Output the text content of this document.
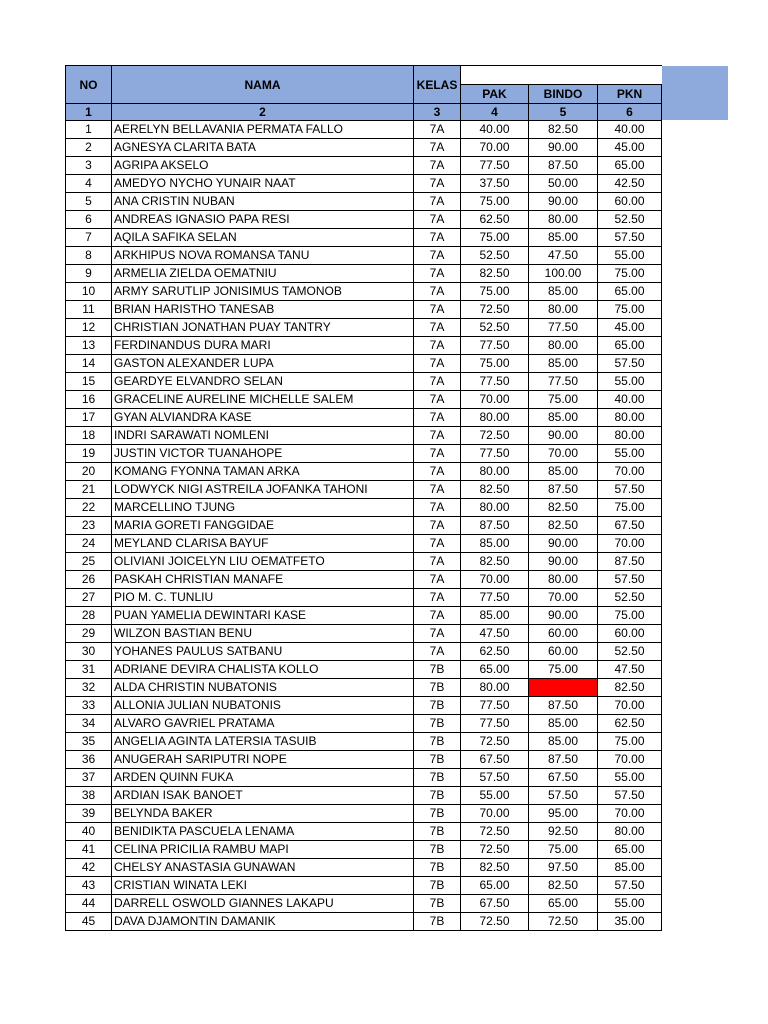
NO	NAMA	KELAS			
			PAK	BINDO	PKN
1	2	3	4	5	6
1	AERELYN BELLAVANIA PERMATA FALLO	7A	40.00	82.50	40.00
2	AGNESYA CLARITA BATA	7A	70.00	90.00	45.00
3	AGRIPA AKSELO	7A	77.50	87.50	65.00
4	AMEDYO NYCHO YUNAIR NAAT	7A	37.50	50.00	42.50
5	ANA CRISTIN NUBAN	7A	75.00	90.00	60.00
6	ANDREAS IGNASIO PAPA RESI	7A	62.50	80.00	52.50
7	AQILA SAFIKA SELAN	7A	75.00	85.00	57.50
8	ARKHIPUS NOVA ROMANSA TANU	7A	52.50	47.50	55.00
9	ARMELIA ZIELDA OEMATNIU	7A	82.50	100.00	75.00
10	ARMY SARUTLIP JONISIMUS TAMONOB	7A	75.00	85.00	65.00
11	BRIAN HARISTHO TANESAB	7A	72.50	80.00	75.00
12	CHRISTIAN JONATHAN PUAY TANTRY	7A	52.50	77.50	45.00
13	FERDINANDUS DURA MARI	7A	77.50	80.00	65.00
14	GASTON ALEXANDER LUPA	7A	75.00	85.00	57.50
15	GEARDYE ELVANDRO SELAN	7A	77.50	77.50	55.00
16	GRACELINE AURELINE MICHELLE SALEM	7A	70.00	75.00	40.00
17	GYAN ALVIANDRA KASE	7A	80.00	85.00	80.00
18	INDRI SARAWATI NOMLENI	7A	72.50	90.00	80.00
19	JUSTIN VICTOR TUANAHOPE	7A	77.50	70.00	55.00
20	KOMANG FYONNA TAMAN ARKA	7A	80.00	85.00	70.00
21	LODWYCK NIGI ASTREILA JOFANKA TAHONI	7A	82.50	87.50	57.50
22	MARCELLINO TJUNG	7A	80.00	82.50	75.00
23	MARIA GORETI FANGGIDAE	7A	87.50	82.50	67.50
24	MEYLAND CLARISA BAYUF	7A	85.00	90.00	70.00
25	OLIVIANI JOICELYN LIU OEMATFETO	7A	82.50	90.00	87.50
26	PASKAH CHRISTIAN MANAFE	7A	70.00	80.00	57.50
27	PIO M. C. TUNLIU	7A	77.50	70.00	52.50
28	PUAN YAMELIA DEWINTARI KASE	7A	85.00	90.00	75.00
29	WILZON BASTIAN BENU	7A	47.50	60.00	60.00
30	YOHANES PAULUS SATBANU	7A	62.50	60.00	52.50
31	ADRIANE DEVIRA CHALISTA KOLLO	7B	65.00	75.00	47.50
32	ALDA CHRISTIN NUBATONIS	7B	80.00		82.50
33	ALLONIA JULIAN NUBATONIS	7B	77.50	87.50	70.00
34	ALVARO GAVRIEL PRATAMA	7B	77.50	85.00	62.50
35	ANGELIA AGINTA LATERSIA TASUIB	7B	72.50	85.00	75.00
36	ANUGERAH SARIPUTRI NOPE	7B	67.50	87.50	70.00
37	ARDEN QUINN FUKA	7B	57.50	67.50	55.00
38	ARDIAN ISAK BANOET	7B	55.00	57.50	57.50
39	BELYNDA BAKER	7B	70.00	95.00	70.00
40	BENIDIKTA PASCUELA LENAMA	7B	72.50	92.50	80.00
41	CELINA PRICILIA RAMBU MAPI	7B	72.50	75.00	65.00
42	CHELSY ANASTASIA GUNAWAN	7B	82.50	97.50	85.00
43	CRISTIAN WINATA LEKI	7B	65.00	82.50	57.50
44	DARRELL OSWOLD GIANNES LAKAPU	7B	67.50	65.00	55.00
45	DAVA DJAMONTIN DAMANIK	7B	72.50	72.50	35.00
